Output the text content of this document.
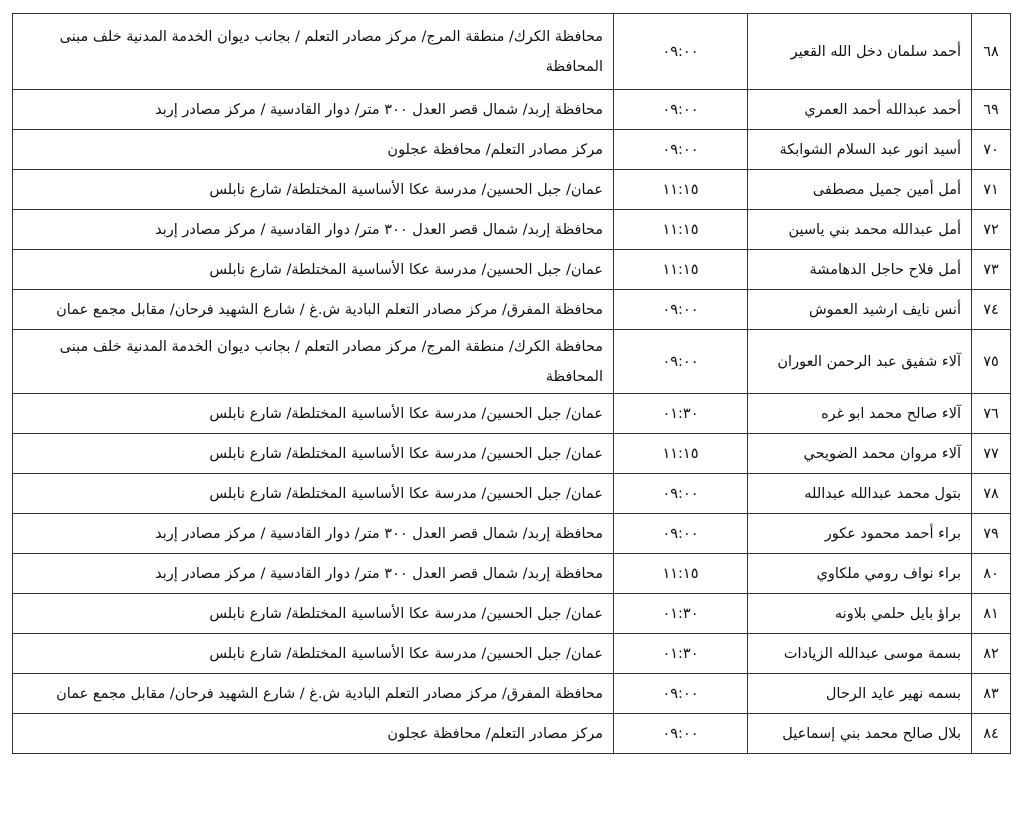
٦٨	أحمد سلمان دخل الله القعير	٠٩:٠٠	محافظة الكرك/ منطقة المرج/ مركز مصادر التعلم / بجانب ديوان الخدمة المدنية خلف مبنى المحافظة
٦٩	أحمد عبدالله أحمد العمري	٠٩:٠٠	محافظة إربد/ شمال قصر العدل ٣٠٠ متر/ دوار القادسية / مركز مصادر إربد
٧٠	أسيد انور عبد السلام الشوابكة	٠٩:٠٠	مركز مصادر التعلم/ محافظة عجلون
٧١	أمل أمين جميل مصطفى	١١:١٥	عمان/ جبل الحسين/ مدرسة عكا الأساسية المختلطة/ شارع نابلس
٧٢	أمل عبدالله محمد بني ياسين	١١:١٥	محافظة إربد/ شمال قصر العدل ٣٠٠ متر/ دوار القادسية / مركز مصادر إربد
٧٣	أمل فلاح حاجل الدهامشة	١١:١٥	عمان/ جبل الحسين/ مدرسة عكا الأساسية المختلطة/ شارع نابلس
٧٤	أنس نايف ارشيد العموش	٠٩:٠٠	محافظة المفرق/ مركز مصادر التعلم البادية ش.غ / شارع الشهيد فرحان/ مقابل مجمع عمان
٧٥	آلاء شفيق عبد الرحمن العوران	٠٩:٠٠	محافظة الكرك/ منطقة المرج/ مركز مصادر التعلم / بجانب ديوان الخدمة المدنية خلف مبنى المحافظة
٧٦	آلاء صالح محمد ابو غره	٠١:٣٠	عمان/ جبل الحسين/ مدرسة عكا الأساسية المختلطة/ شارع نابلس
٧٧	آلاء مروان محمد الضويحي	١١:١٥	عمان/ جبل الحسين/ مدرسة عكا الأساسية المختلطة/ شارع نابلس
٧٨	بتول محمد عبدالله عبدالله	٠٩:٠٠	عمان/ جبل الحسين/ مدرسة عكا الأساسية المختلطة/ شارع نابلس
٧٩	براء أحمد محمود عكور	٠٩:٠٠	محافظة إربد/ شمال قصر العدل ٣٠٠ متر/ دوار القادسية / مركز مصادر إربد
٨٠	براء نواف رومي ملكاوي	١١:١٥	محافظة إربد/ شمال قصر العدل ٣٠٠ متر/ دوار القادسية / مركز مصادر إربد
٨١	براؤ بايل حلمي بلاونه	٠١:٣٠	عمان/ جبل الحسين/ مدرسة عكا الأساسية المختلطة/ شارع نابلس
٨٢	بسمة موسى عبدالله الزيادات	٠١:٣٠	عمان/ جبل الحسين/ مدرسة عكا الأساسية المختلطة/ شارع نابلس
٨٣	بسمه نهير عايد الرحال	٠٩:٠٠	محافظة المفرق/ مركز مصادر التعلم البادية ش.غ / شارع الشهيد فرحان/ مقابل مجمع عمان
٨٤	بلال صالح محمد بني إسماعيل	٠٩:٠٠	مركز مصادر التعلم/ محافظة عجلون
